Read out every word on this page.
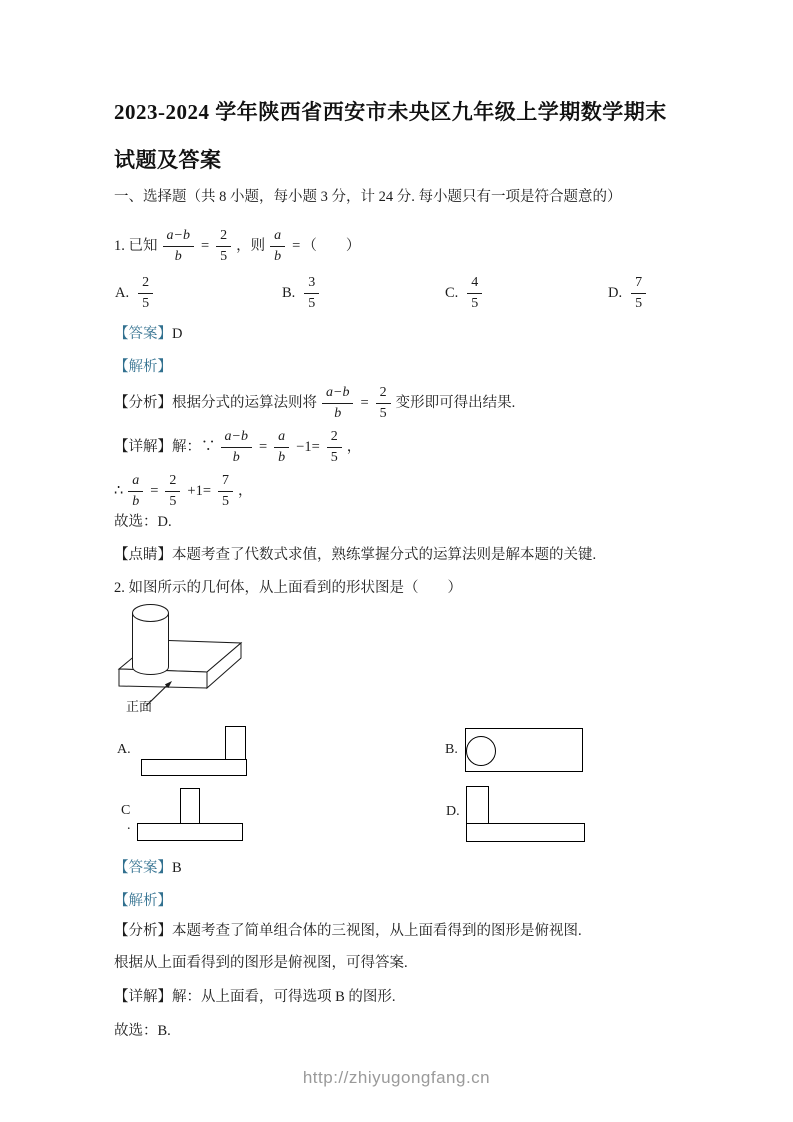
2023-2024 学年陕西省西安市未央区九年级上学期数学期末
试题及答案
一、选择题（共 8 小题，每小题 3 分，计 24 分. 每小题只有一项是符合题意的）
1. 已知 $\frac{a-b}{b} = \frac{2}{5}$ ，则 $\frac{a}{b}$ = （　　）
A. $\frac{2}{5}$	B. $\frac{3}{5}$	C. $\frac{4}{5}$	D. $\frac{7}{5}$
【答案】D
【解析】
【分析】 根据分式的运算法则将 $\frac{a-b}{b} = \frac{2}{5}$ 变形即可得出结果.
【详解】 解：∵ $\frac{a-b}{b} = \frac{a}{b} -1= \frac{2}{5}$ ，
∴ $\frac{a}{b} = \frac{2}{5} +1= \frac{7}{5}$ ，
故选：D.
【点睛】本题考查了代数式求值，熟练掌握分式的运算法则是解本题的关键.
2. 如图所示的几何体，从上面看到的形状图是（　　）
正面
A.	B.
C
.
D.
【答案】B
【解析】
【分析】本题考查了简单组合体的三视图，从上面看得到的图形是俯视图.
根据从上面看得到的图形是俯视图，可得答案.
【详解】解：从上面看，可得选项 B 的图形.
故选：B.
http://zhiyugongfang.cn
